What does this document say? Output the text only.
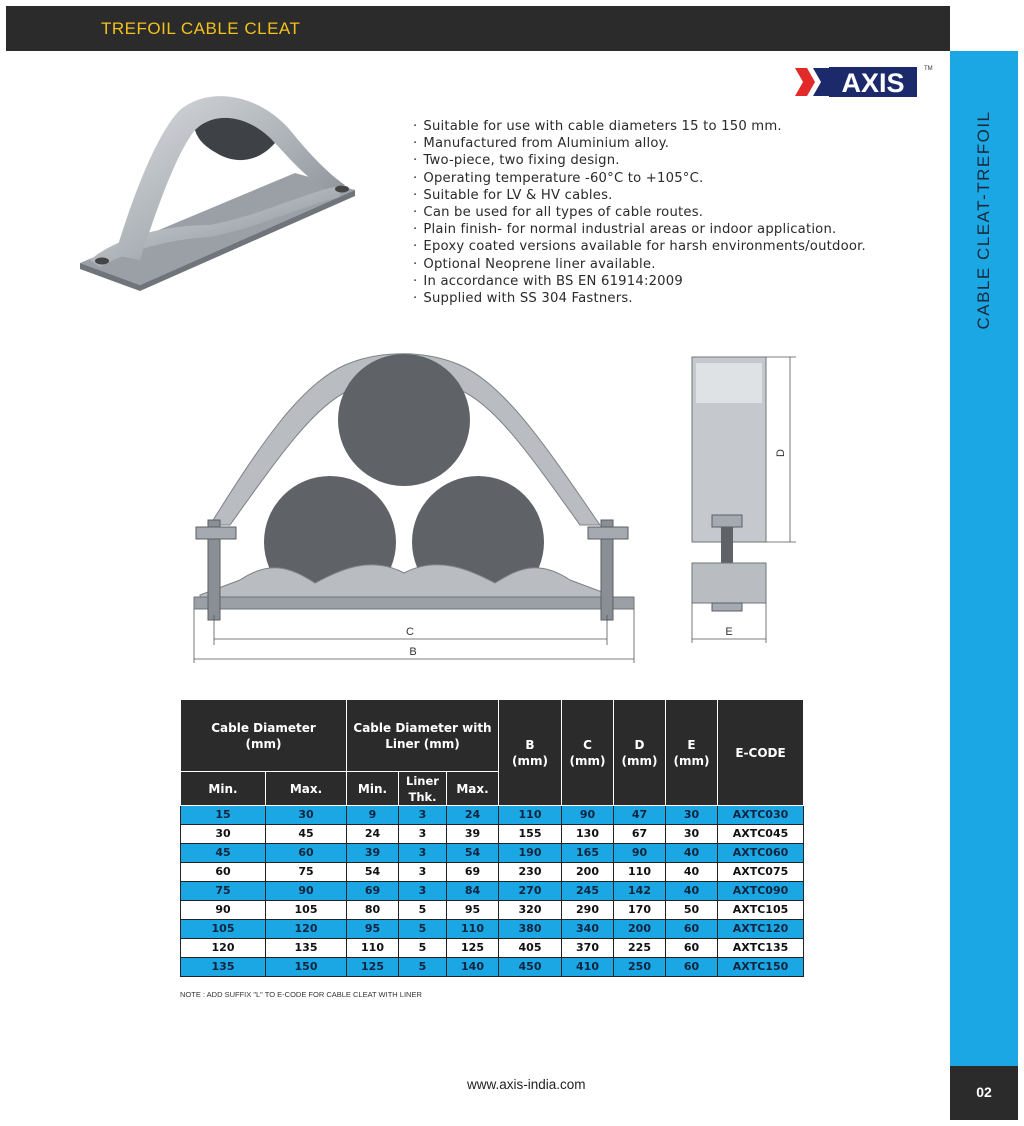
TREFOIL CABLE CLEAT
CABLE CLEAT-TREFOIL
02
AXIS	TM
· Suitable for use with cable diameters 15 to 150 mm.
· Manufactured from Aluminium alloy.
· Two-piece, two fixing design.
· Operating temperature -60°C to +105°C.
· Suitable for LV & HV cables.
· Can be used for all types of cable routes.
· Plain finish- for normal industrial areas or indoor application.
· Epoxy coated versions available for harsh environments/outdoor.
· Optional Neoprene liner available.
· In accordance with BS EN 61914:2009
· Supplied with SS 304 Fastners.
C
B
D
E
Cable Diameter (mm)		Cable Diameter with Liner (mm)			B (mm)	C (mm)	D (mm)	E (mm)	E-CODE
Min.	Max.	Min.	Liner Thk.	Max.					
15	30	9	3	24	110	90	47	30	AXTC030
30	45	24	3	39	155	130	67	30	AXTC045
45	60	39	3	54	190	165	90	40	AXTC060
60	75	54	3	69	230	200	110	40	AXTC075
75	90	69	3	84	270	245	142	40	AXTC090
90	105	80	5	95	320	290	170	50	AXTC105
105	120	95	5	110	380	340	200	60	AXTC120
120	135	110	5	125	405	370	225	60	AXTC135
135	150	125	5	140	450	410	250	60	AXTC150
NOTE : ADD SUFFIX "L" TO E-CODE FOR CABLE CLEAT WITH LINER
www.axis-india.com
